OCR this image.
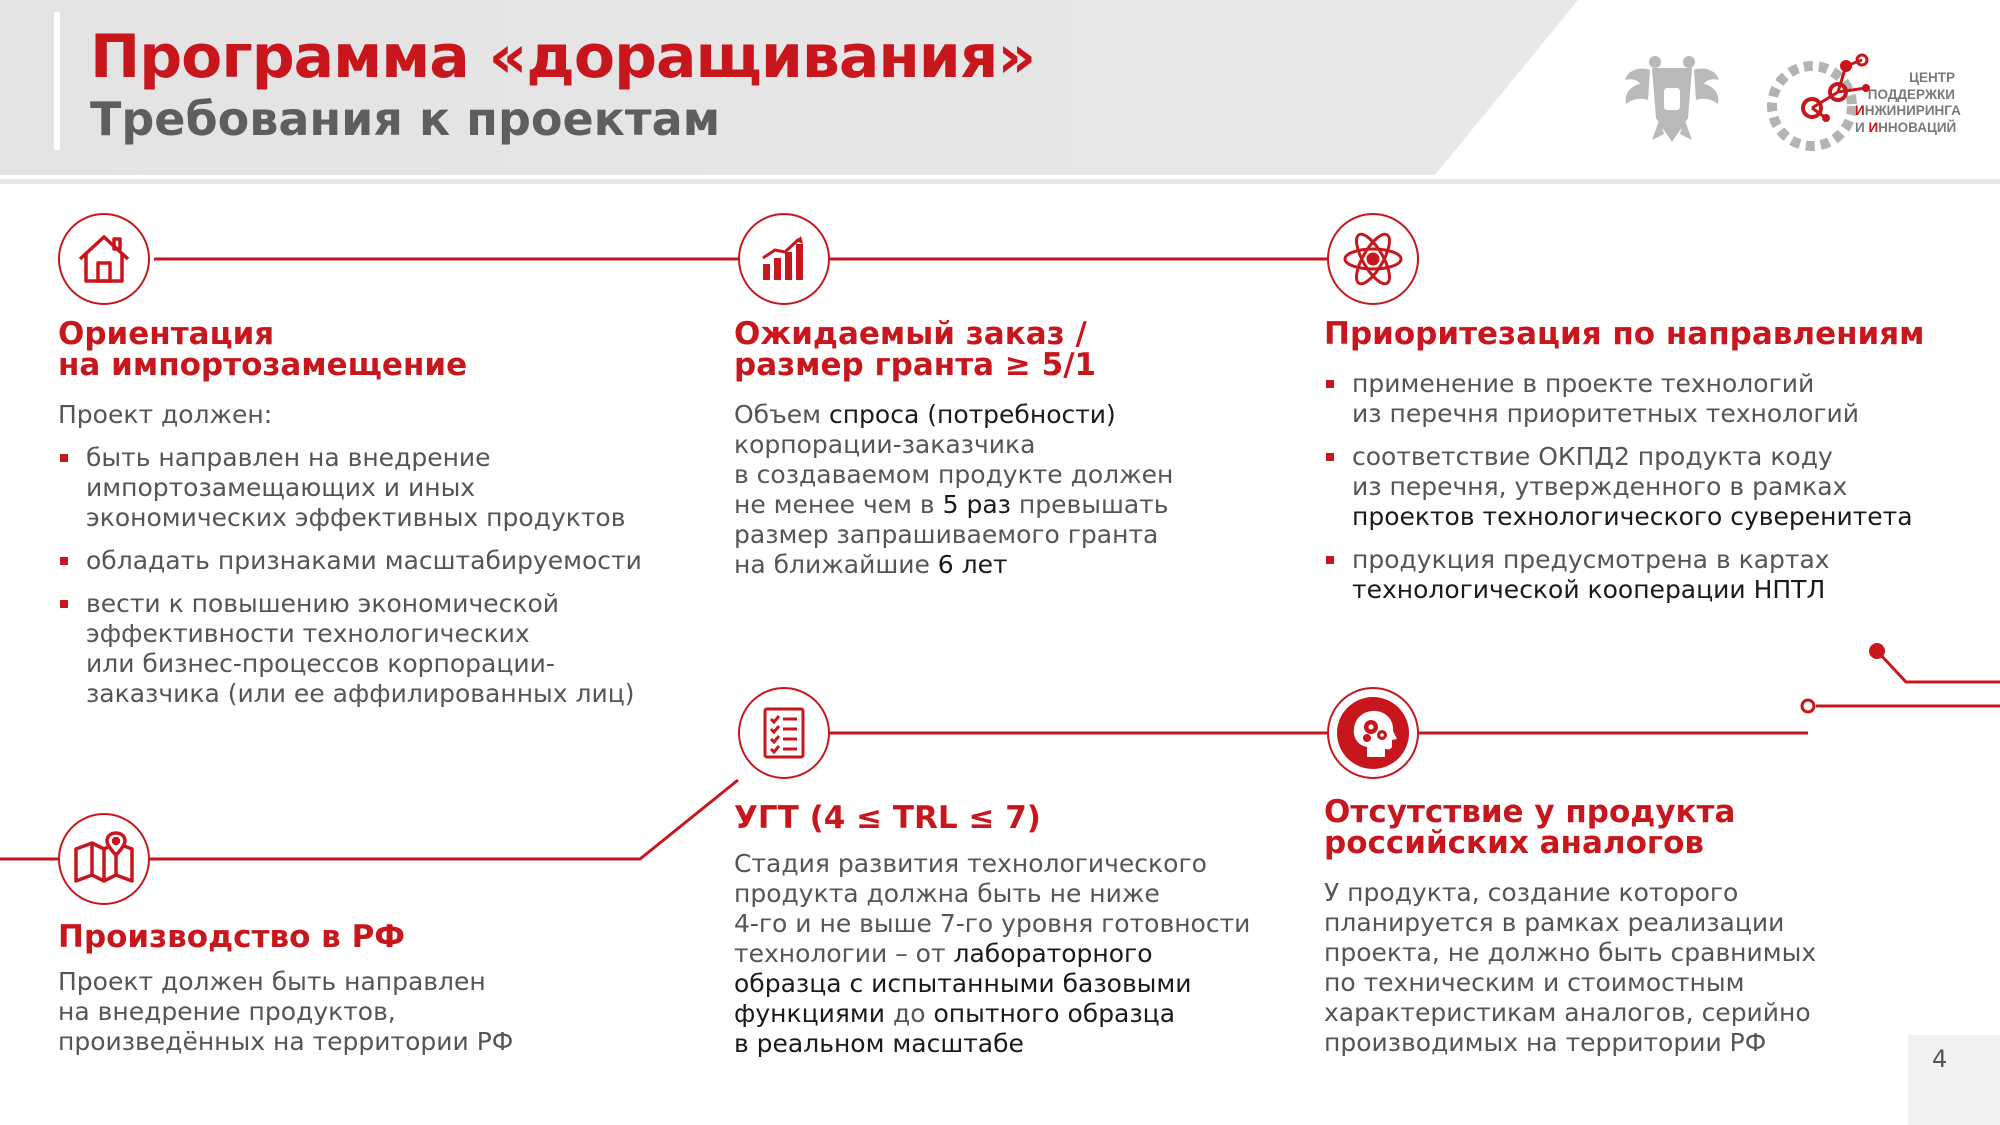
Программа «доращивания»
Требования к проектам
ЦЕНТР
ПОДДЕРЖКИ
ИНЖИНИРИНГА
И ИННОВАЦИЙ
Ориентация
на импортозамещение
Проект должен:
быть направлен на внедрение
импортозамещающих и иных
экономических эффективных продуктов
обладать признаками масштабируемости
вести к повышению экономической
эффективности технологических
или бизнес-процессов корпорации-
заказчика (или ее аффилированных лиц)
Ожидаемый заказ /
размер гранта ≥ 5/1
Объем спроса (потребности)
корпорации-заказчика
в создаваемом продукте должен
не менее чем в 5 раз превышать
размер запрашиваемого гранта
на ближайшие 6 лет
Приоритезация по направлениям
применение в проекте технологий
из перечня приоритетных технологий
соответствие ОКПД2 продукта коду
из перечня, утвержденного в рамках
проектов технологического суверенитета
продукция предусмотрена в картах
технологической кооперации НПТЛ
Производство в РФ
Проект должен быть направлен
на внедрение продуктов,
произведённых на территории РФ
УГТ (4 ≤ TRL ≤ 7)
Стадия развития технологического
продукта должна быть не ниже
4-го и не выше 7-го уровня готовности
технологии – от лабораторного
образца с испытанными базовыми
функциями до опытного образца
в реальном масштабе
Отсутствие у продукта
российских аналогов
У продукта, создание которого
планируется в рамках реализации
проекта, не должно быть сравнимых
по техническим и стоимостным
характеристикам аналогов, серийно
производимых на территории РФ
4
